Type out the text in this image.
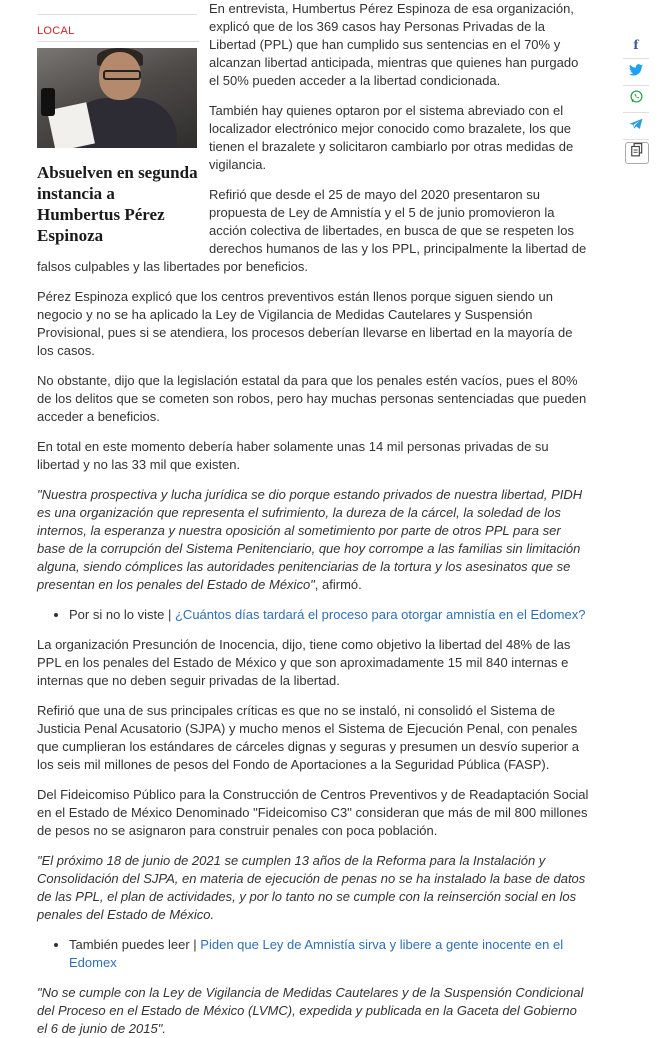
f
LOCAL
Absuelven en segunda instancia a Humbertus Pérez Espinoza

En entrevista, Humbertus Pérez Espinoza de esa organización, explicó que de los 369 casos hay Personas Privadas de la Libertad (PPL) que han cumplido sus sentencias en el 70% y alcanzan libertad anticipada, mientras que quienes han purgado el 50% pueden acceder a la libertad condicionada.

También hay quienes optaron por el sistema abreviado con el localizador electrónico mejor conocido como brazalete, los que tienen el brazalete y solicitaron cambiarlo por otras medidas de vigilancia.

Refirió que desde el 25 de mayo del 2020 presentaron su propuesta de Ley de Amnistía y el 5 de junio promovieron la acción colectiva de libertades, en busca de que se respeten los derechos humanos de las y los PPL, principalmente la libertad de falsos culpables y las libertades por beneficios.

Pérez Espinoza explicó que los centros preventivos están llenos porque siguen siendo un negocio y no se ha aplicado la Ley de Vigilancia de Medidas Cautelares y Suspensión Provisional, pues si se atendiera, los procesos deberían llevarse en libertad en la mayoría de los casos.

No obstante, dijo que la legislación estatal da para que los penales estén vacíos, pues el 80% de los delitos que se cometen son robos, pero hay muchas personas sentenciadas que pueden acceder a beneficios.

En total en este momento debería haber solamente unas 14 mil personas privadas de su libertad y no las 33 mil que existen.

"Nuestra prospectiva y lucha jurídica se dio porque estando privados de nuestra libertad, PIDH es una organización que representa el sufrimiento, la dureza de la cárcel, la soledad de los internos, la esperanza y nuestra oposición al sometimiento por parte de otros PPL para ser base de la corrupción del Sistema Penitenciario, que hoy corrompe a las familias sin limitación alguna, siendo cómplices las autoridades penitenciarias de la tortura y los asesinatos que se presentan en los penales del Estado de México", afirmó.

• Por si no lo viste | ¿Cuántos días tardará el proceso para otorgar amnistía en el Edomex?

La organización Presunción de Inocencia, dijo, tiene como objetivo la libertad del 48% de las PPL en los penales del Estado de México y que son aproximadamente 15 mil 840 internas e internas que no deben seguir privadas de la libertad.

Refirió que una de sus principales críticas es que no se instaló, ni consolidó el Sistema de Justicia Penal Acusatorio (SJPA) y mucho menos el Sistema de Ejecución Penal, con penales que cumplieran los estándares de cárceles dignas y seguras y presumen un desvío superior a los seis mil millones de pesos del Fondo de Aportaciones a la Seguridad Pública (FASP).

Del Fideicomiso Público para la Construcción de Centros Preventivos y de Readaptación Social en el Estado de México Denominado "Fideicomiso C3" consideran que más de mil 800 millones de pesos no se asignaron para construir penales con poca población.

"El próximo 18 de junio de 2021 se cumplen 13 años de la Reforma para la Instalación y Consolidación del SJPA, en materia de ejecución de penas no se ha instalado la base de datos de las PPL, el plan de actividades, y por lo tanto no se cumple con la reinserción social en los penales del Estado de México.

• También puedes leer | Piden que Ley de Amnistía sirva y libere a gente inocente en el Edomex

"No se cumple con la Ley de Vigilancia de Medidas Cautelares y de la Suspensión Condicional del Proceso en el Estado de México (LVMC), expedida y publicada en la Gaceta del Gobierno el 6 de junio de 2015".
